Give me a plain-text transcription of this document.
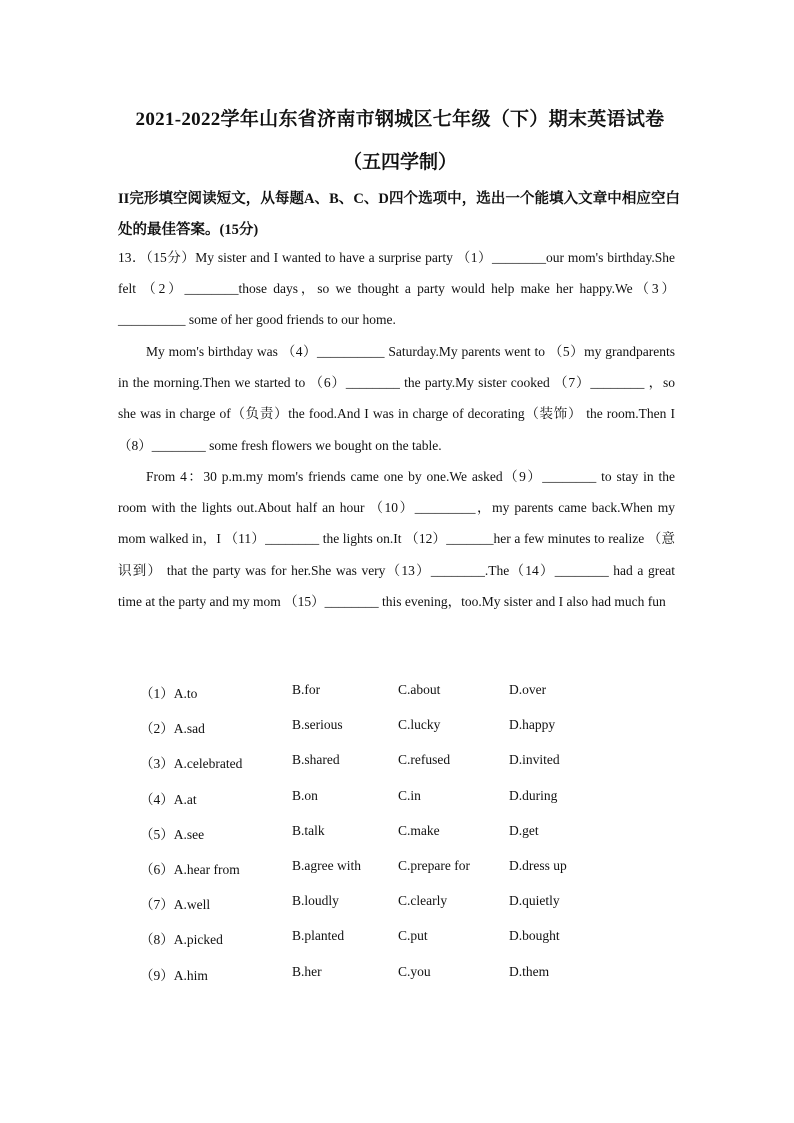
2021-2022学年山东省济南市钢城区七年级（下）期末英语试卷
（五四学制）
II完形填空阅读短文，从每题A、B、C、D四个选项中，选出一个能填入文章中相应空白处的最佳答案。(15分)
13．（15分）My sister and I wanted to have a surprise party （1）________our mom's birthday.She felt （2）________those days，so we thought a party would help make her happy.We（3）__________ some of her good friends to our home.
My mom's birthday was （4）__________ Saturday.My parents went to （5）my grandparents in the morning.Then we started to （6）________ the party.My sister cooked （7）________ ，so she was in charge of（负责）the food.And I was in charge of decorating（装饰） the room.Then I （8）________ some fresh flowers we bought on the table.
From 4：30 p.m.my mom's friends came one by one.We asked（9）________ to stay in the room with the lights out.About half an hour （10）_________，my parents came back.When my mom walked in，I （11）________ the lights on.It （12）_______her a few minutes to realize （意识到） that the party was for her.She was very（13）________.The（14）________ had a great time at the party and my mom （15）________ this evening，too.My sister and I also had much fun
（1）A.to	B.for	C.about	D.over
（2）A.sad	B.serious	C.lucky	D.happy
（3）A.celebrated	B.shared	C.refused	D.invited
（4）A.at	B.on	C.in	D.during
（5）A.see	B.talk	C.make	D.get
（6）A.hear from	B.agree with	C.prepare for	D.dress up
（7）A.well	B.loudly	C.clearly	D.quietly
（8）A.picked	B.planted	C.put	D.bought
（9）A.him	B.her	C.you	D.them
